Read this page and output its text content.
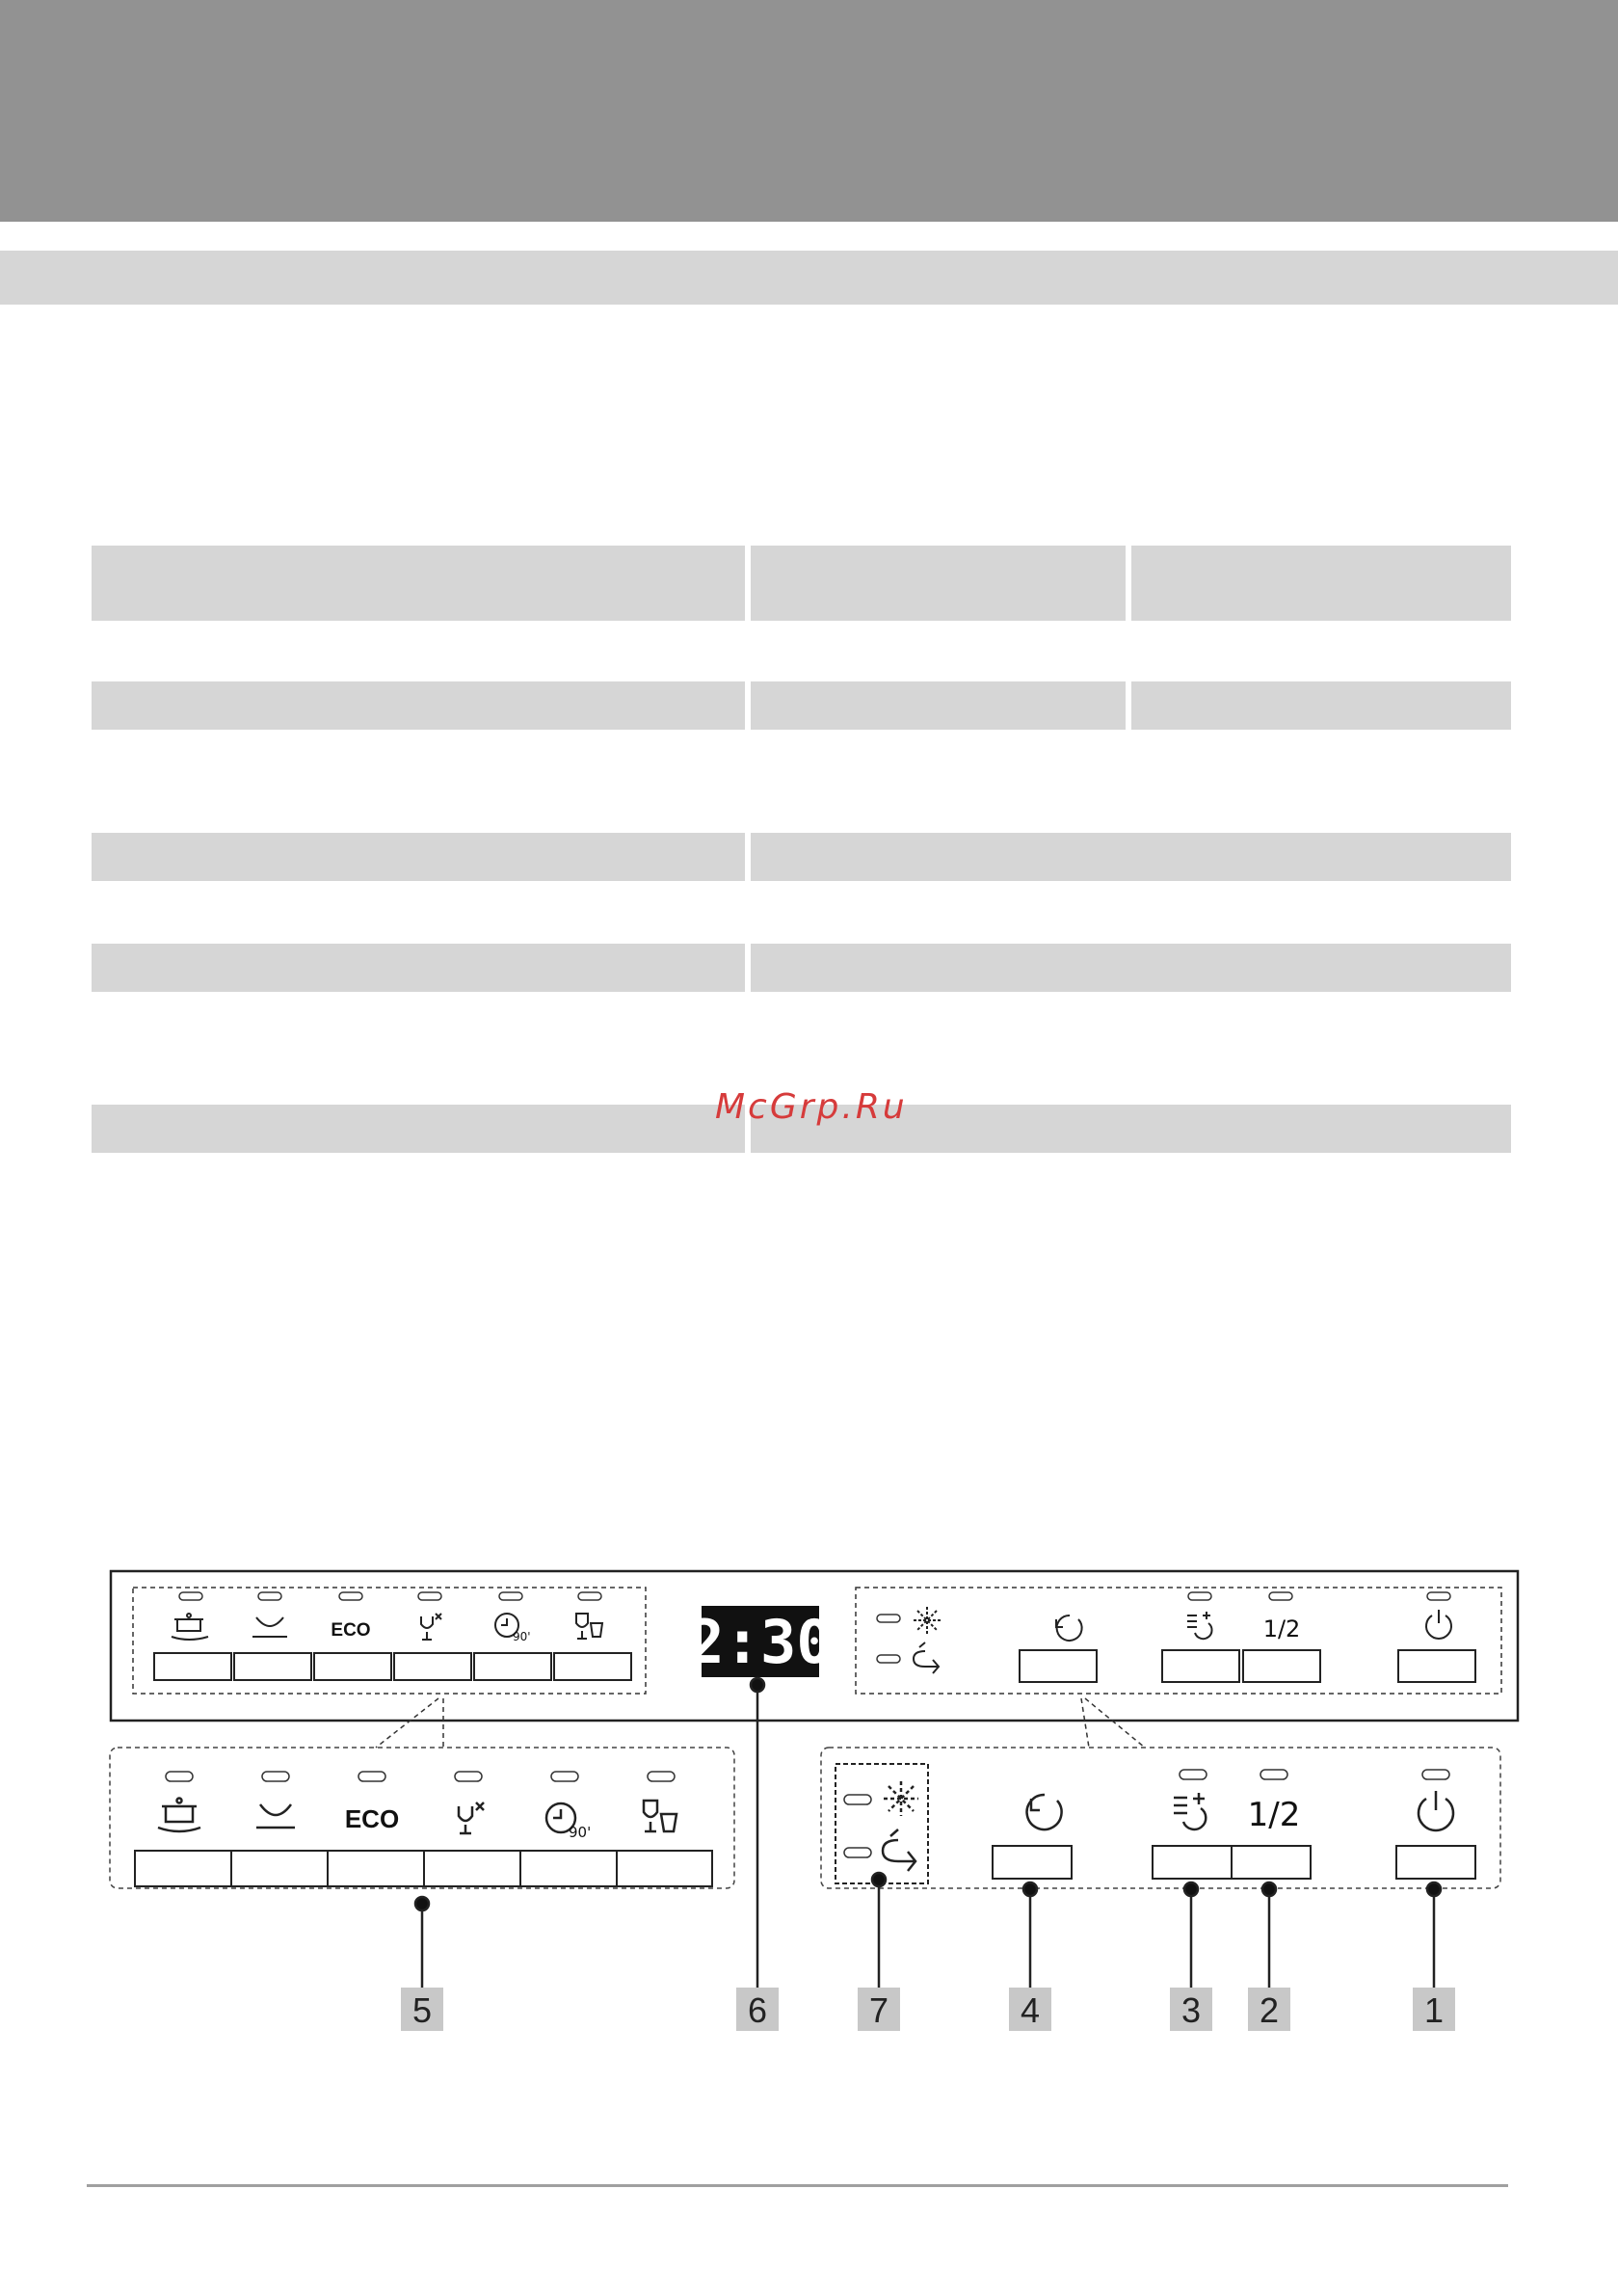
McGrp.Ru
ECO	90'	2:30	1/2
ECO	90'	1/2
5	6	7	4	3 2	1
